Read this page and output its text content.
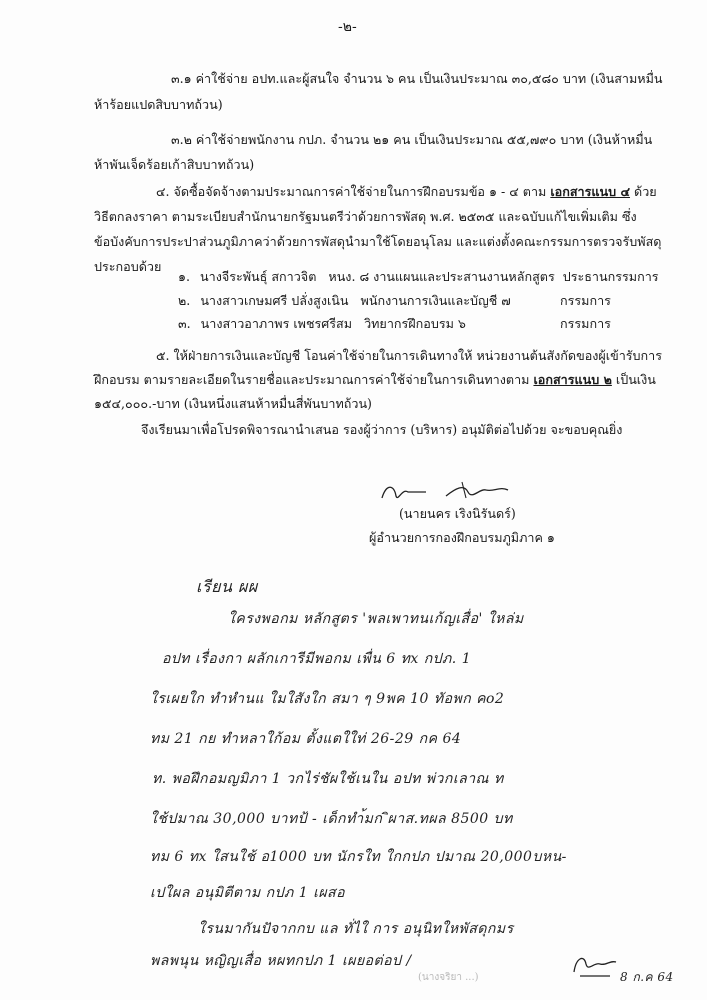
-๒-
๓.๑ ค่าใช้จ่าย อปท.และผู้สนใจ จำนวน ๖ คน เป็นเงินประมาณ ๓๐,๕๘๐ บาท (เงินสามหมื่น
ห้าร้อยแปดสิบบาทถ้วน)
๓.๒ ค่าใช้จ่ายพนักงาน กปภ. จำนวน ๒๑ คน เป็นเงินประมาณ ๕๕,๗๙๐ บาท (เงินห้าหมื่น
ห้าพันเจ็ดร้อยเก้าสิบบาทถ้วน)
๔. จัดซื้อจัดจ้างตามประมาณการค่าใช้จ่ายในการฝึกอบรมข้อ ๑ - ๔ ตาม เอกสารแนบ ๔ ด้วย
วิธีตกลงราคา ตามระเบียบสำนักนายกรัฐมนตรีว่าด้วยการพัสดุ พ.ศ. ๒๕๓๕ และฉบับแก้ไขเพิ่มเติม ซึ่ง
ข้อบังคับการประปาส่วนภูมิภาคว่าด้วยการพัสดุนำมาใช้โดยอนุโลม และแต่งตั้งคณะกรรมการตรวจรับพัสดุ
ประกอบด้วย
๑. นางจีระพันธุ์ สกาวจิต หนง. ๘ งานแผนและประสานงานหลักสูตร ประธานกรรมการ
๒. นางสาวเกษมศรี ปลั่งสูงเนิน พนักงานการเงินและบัญชี ๗	กรรมการ
๓. นางสาวอาภาพร เพชรศรีสม วิทยากรฝึกอบรม ๖	กรรมการ
๕. ให้ฝ่ายการเงินและบัญชี โอนค่าใช้จ่ายในการเดินทางให้ หน่วยงานต้นสังกัดของผู้เข้ารับการ
ฝึกอบรม ตามรายละเอียดในรายชื่อและประมาณการค่าใช้จ่ายในการเดินทางตาม เอกสารแนบ ๒ เป็นเงิน
๑๕๔,๐๐๐.-บาท (เงินหนึ่งแสนห้าหมื่นสี่พันบาทถ้วน)
จึงเรียนมาเพื่อโปรดพิจารณานำเสนอ รองผู้ว่าการ (บริหาร) อนุมัติต่อไปด้วย จะขอบคุณยิ่ง
(นายนคร เริงนิรันดร์)
ผู้อำนวยการกองฝึกอบรมภูมิภาค ๑
เรียน ผผ
ใครงพอกม หลักสูตร 'พลเพาทนเก้ญเสื่อ' ใหล่ม
อปท เรื่องกา ผลักเการีมีพอกม เพื่น 6 ทx กปภ. 1
ใรเผยใก ทำหำนแ ใมใสังใก สมา ๆ 9พค 10 ทัอพก คo2
ทม 21 กย ทำหลาใก้อม ตั้งแตใใท่ 26-29 กค 64
ท. พอฝึกอมญมิภา 1 วกไร่ชัผใช้เนใน อปท พ่วกเลาณ ท
ใช้ปมาณ 30,000 บาทป้ - เด็กทำ้มก ิผาส.ทผล 8500 บท
ทม 6 ทx ใสนใช้ อ1000 บท นักรใท ใกกปภ ปมาณ 20,000บหน-
เปใผล อนุมิตีตาม กปภ 1 เผสอ
ใรนมากันปัจากกบ แล ทั่ไใ การ อนุนิทใหพัสดุกมร
พลพนุน หญิญเสื่อ หผทกปภ 1 เผยอต่อป /
8 ก.ค 64
(นางจริยา ...)
